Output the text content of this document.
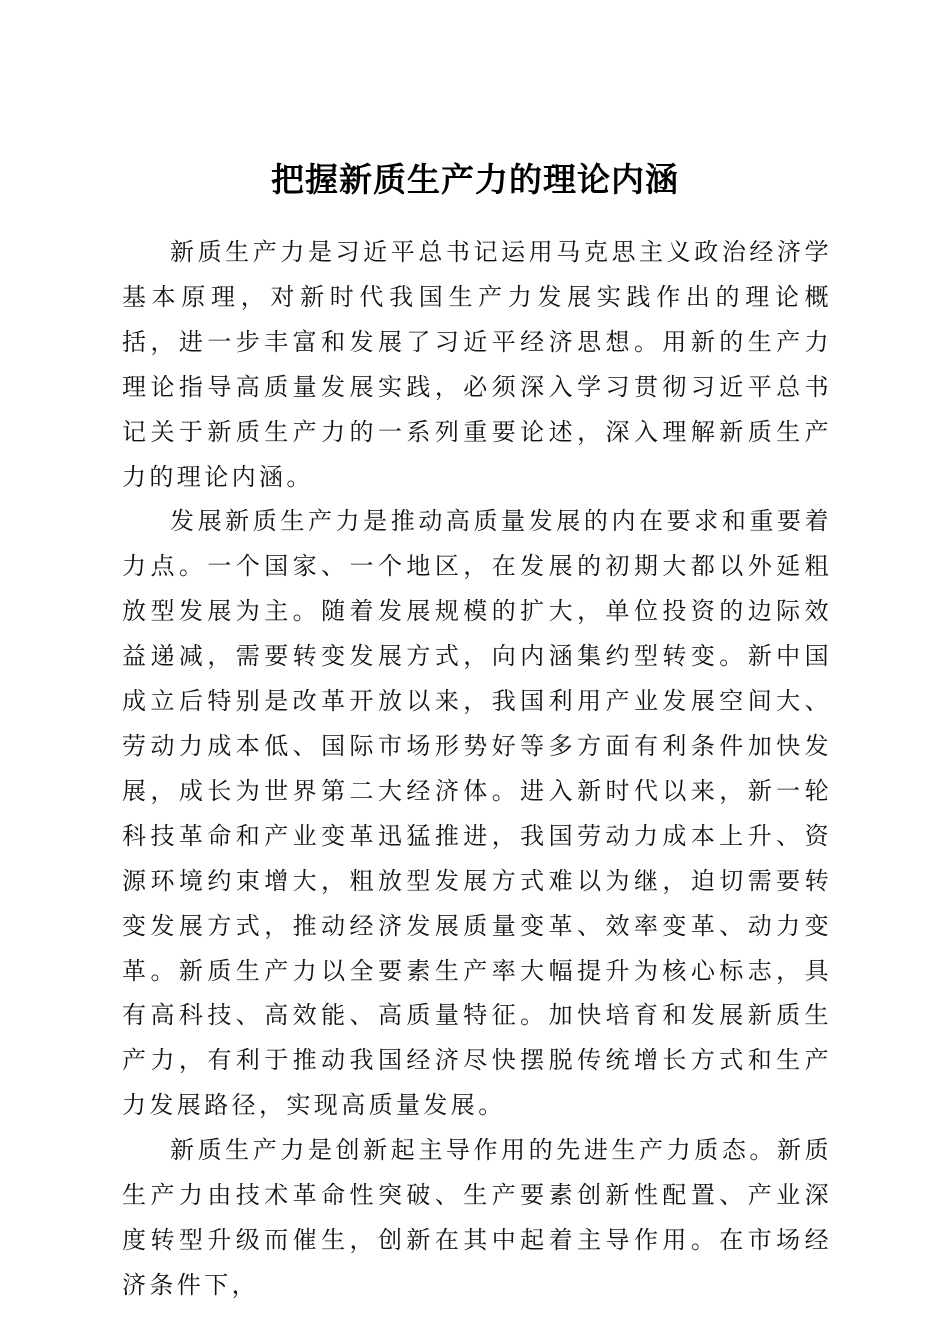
把握新质生产力的理论内涵

新质生产力是习近平总书记运用马克思主义政治经济学基本原理，对新时代我国生产力发展实践作出的理论概括，进一步丰富和发展了习近平经济思想。用新的生产力理论指导高质量发展实践，必须深入学习贯彻习近平总书记关于新质生产力的一系列重要论述，深入理解新质生产力的理论内涵。

发展新质生产力是推动高质量发展的内在要求和重要着力点。一个国家、一个地区，在发展的初期大都以外延粗放型发展为主。随着发展规模的扩大，单位投资的边际效益递减，需要转变发展方式，向内涵集约型转变。新中国成立后特别是改革开放以来，我国利用产业发展空间大、劳动力成本低、国际市场形势好等多方面有利条件加快发展，成长为世界第二大经济体。进入新时代以来，新一轮科技革命和产业变革迅猛推进，我国劳动力成本上升、资源环境约束增大，粗放型发展方式难以为继，迫切需要转变发展方式，推动经济发展质量变革、效率变革、动力变革。新质生产力以全要素生产率大幅提升为核心标志，具有高科技、高效能、高质量特征。加快培育和发展新质生产力，有利于推动我国经济尽快摆脱传统增长方式和生产力发展路径，实现高质量发展。

新质生产力是创新起主导作用的先进生产力质态。新质生产力由技术革命性突破、生产要素创新性配置、产业深度转型升级而催生，创新在其中起着主导作用。在市场经济条件下，
